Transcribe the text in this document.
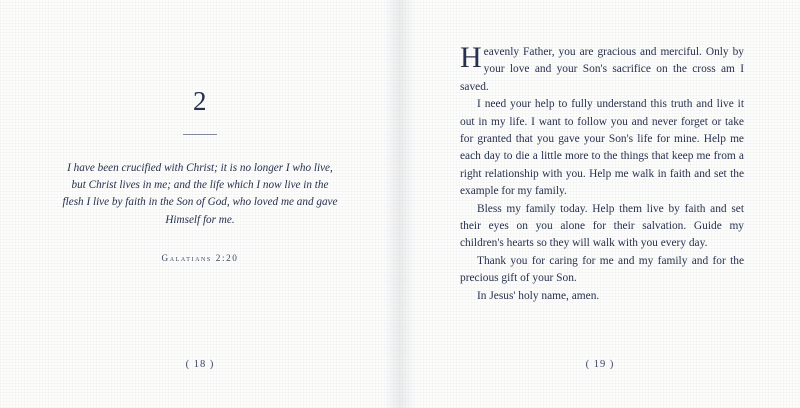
2
I have been crucified with Christ; it is no longer I who live, but Christ lives in me; and the life which I now live in the flesh I live by faith in the Son of God, who loved me and gave Himself for me.
Galatians 2:20
( 18 )

Heavenly Father, you are gracious and merciful. Only by your love and your Son's sacrifice on the cross am I saved.

I need your help to fully understand this truth and live it out in my life. I want to follow you and never forget or take for granted that you gave your Son's life for mine. Help me each day to die a little more to the things that keep me from a right relationship with you. Help me walk in faith and set the example for my family.

Bless my family today. Help them live by faith and set their eyes on you alone for their salvation. Guide my children's hearts so they will walk with you every day.

Thank you for caring for me and my family and for the precious gift of your Son.

In Jesus' holy name, amen.

( 19 )
